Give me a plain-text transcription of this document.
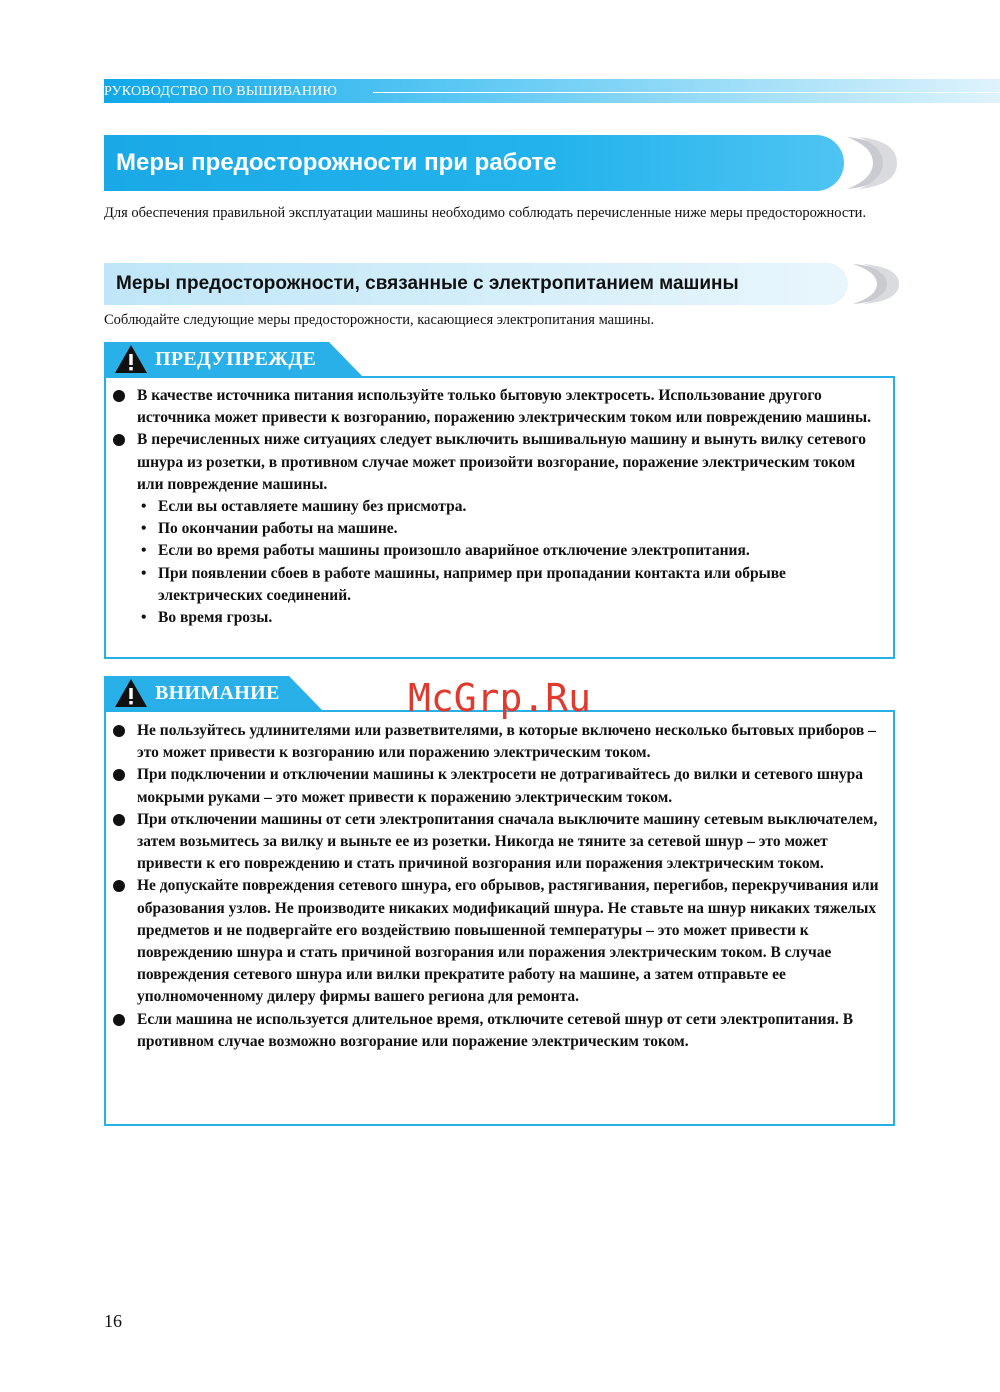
РУКОВОДСТВО ПО ВЫШИВАНИЮ
Меры предосторожности при работе
Для обеспечения правильной эксплуатации машины необходимо соблюдать перечисленные ниже меры предосторожности.
Меры предосторожности, связанные с электропитанием машины
Соблюдайте следующие меры предосторожности, касающиеся электропитания машины.
ПРЕДУПРЕЖДЕ
В качестве источника питания используйте только бытовую электросеть. Использование другого источника может привести к возгоранию, поражению электрическим током или повреждению машины.
В перечисленных ниже ситуациях следует выключить вышивальную машину и вынуть вилку сетевого шнура из розетки, в противном случае может произойти возгорание, поражение электрическим током или повреждение машины.
• Если вы оставляете машину без присмотра.
• По окончании работы на машине.
• Если во время работы машины произошло аварийное отключение электропитания.
• При появлении сбоев в работе машины, например при пропадании контакта или обрыве электрических соединений.
• Во время грозы.
ВНИМАНИЕ
Не пользуйтесь удлинителями или разветвителями, в которые включено несколько бытовых приборов – это может привести к возгоранию или поражению электрическим током.
При подключении и отключении машины к электросети не дотрагивайтесь до вилки и сетевого шнура мокрыми руками – это может привести к поражению электрическим током.
При отключении машины от сети электропитания сначала выключите машину сетевым выключателем, затем возьмитесь за вилку и выньте ее из розетки. Никогда не тяните за сетевой шнур – это может привести к его повреждению и стать причиной возгорания или поражения электрическим током.
Не допускайте повреждения сетевого шнура, его обрывов, растягивания, перегибов, перекручивания или образования узлов. Не производите никаких модификаций шнура. Не ставьте на шнур никаких тяжелых предметов и не подвергайте его воздействию повышенной температуры – это может привести к повреждению шнура и стать причиной возгорания или поражения электрическим током. В случае повреждения сетевого шнура или вилки прекратите работу на машине, а затем отправьте ее уполномоченному дилеру фирмы вашего региона для ремонта.
Если машина не используется длительное время, отключите сетевой шнур от сети электропитания. В противном случае возможно возгорание или поражение электрическим током.
McGrp.Ru
16
